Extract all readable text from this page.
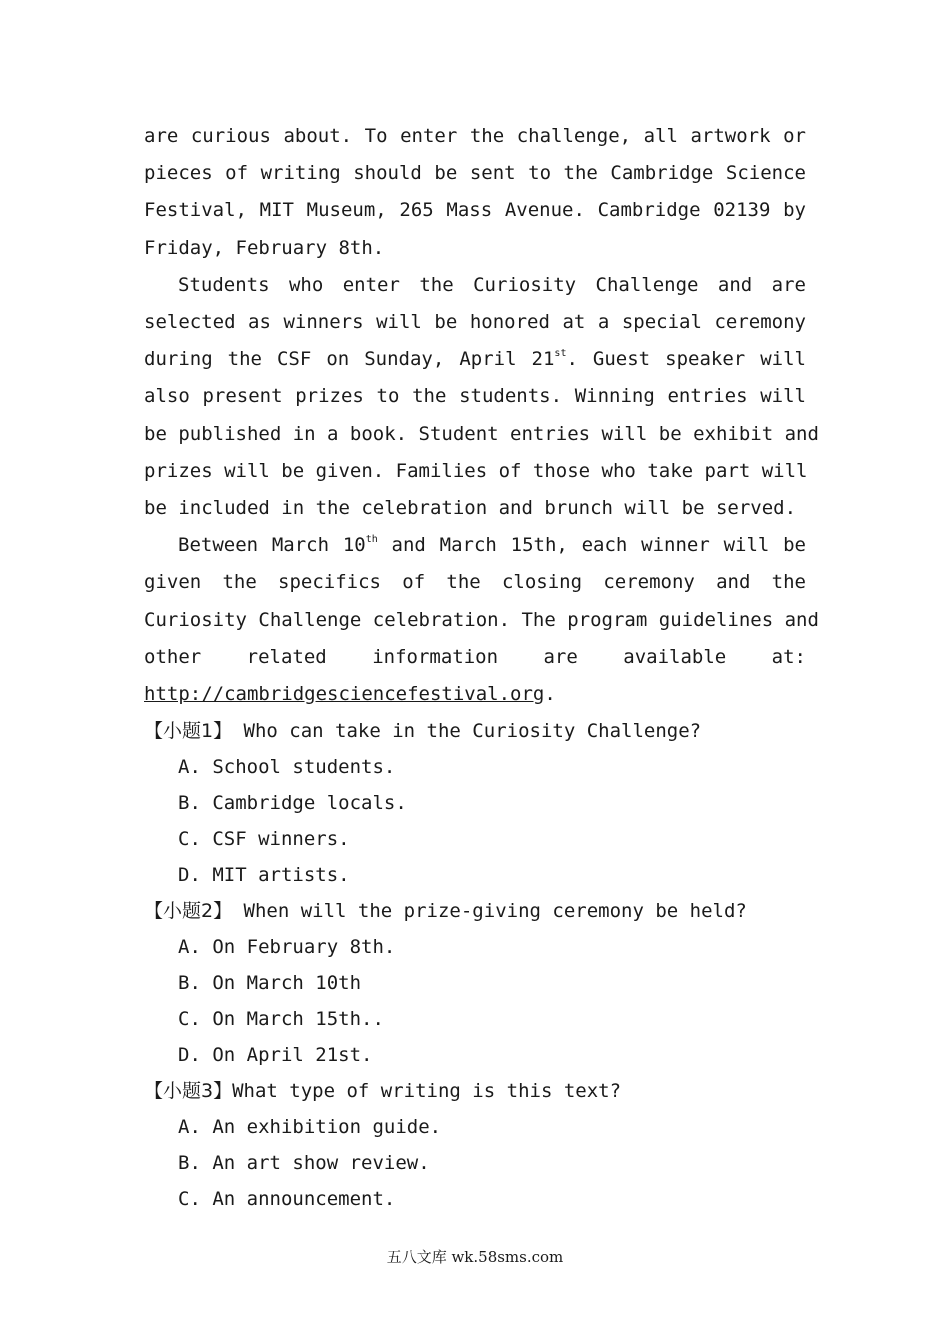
are curious about. To enter the challenge, all artwork or
pieces of writing should be sent to the Cambridge Science
Festival, MIT Museum, 265 Mass Avenue. Cambridge 02139 by
Friday, February 8th.
Students who enter the Curiosity Challenge and are
selected as winners will be honored at a special ceremony
during the CSF on Sunday, April 21st. Guest speaker will
also present prizes to the students. Winning entries will
be published in a book. Student entries will be exhibit and
prizes will be given. Families of those who take part will
be included in the celebration and brunch will be served.
Between March 10th and March 15th, each winner will be
given the specifics of the closing ceremony and the
Curiosity Challenge celebration. The program guidelines and
other related information are available at:
http://cambridgesciencefestival.org.
【小题1】 Who can take in the Curiosity Challenge?
A. School students.
B. Cambridge locals.
C. CSF winners.
D. MIT artists.
【小题2】 When will the prize-giving ceremony be held?
A. On February 8th.
B. On March 10th
C. On March 15th..
D. On April 21st.
【小题3】What type of writing is this text?
A. An exhibition guide.
B. An art show review.
C. An announcement.
五八文库 wk.58sms.com
